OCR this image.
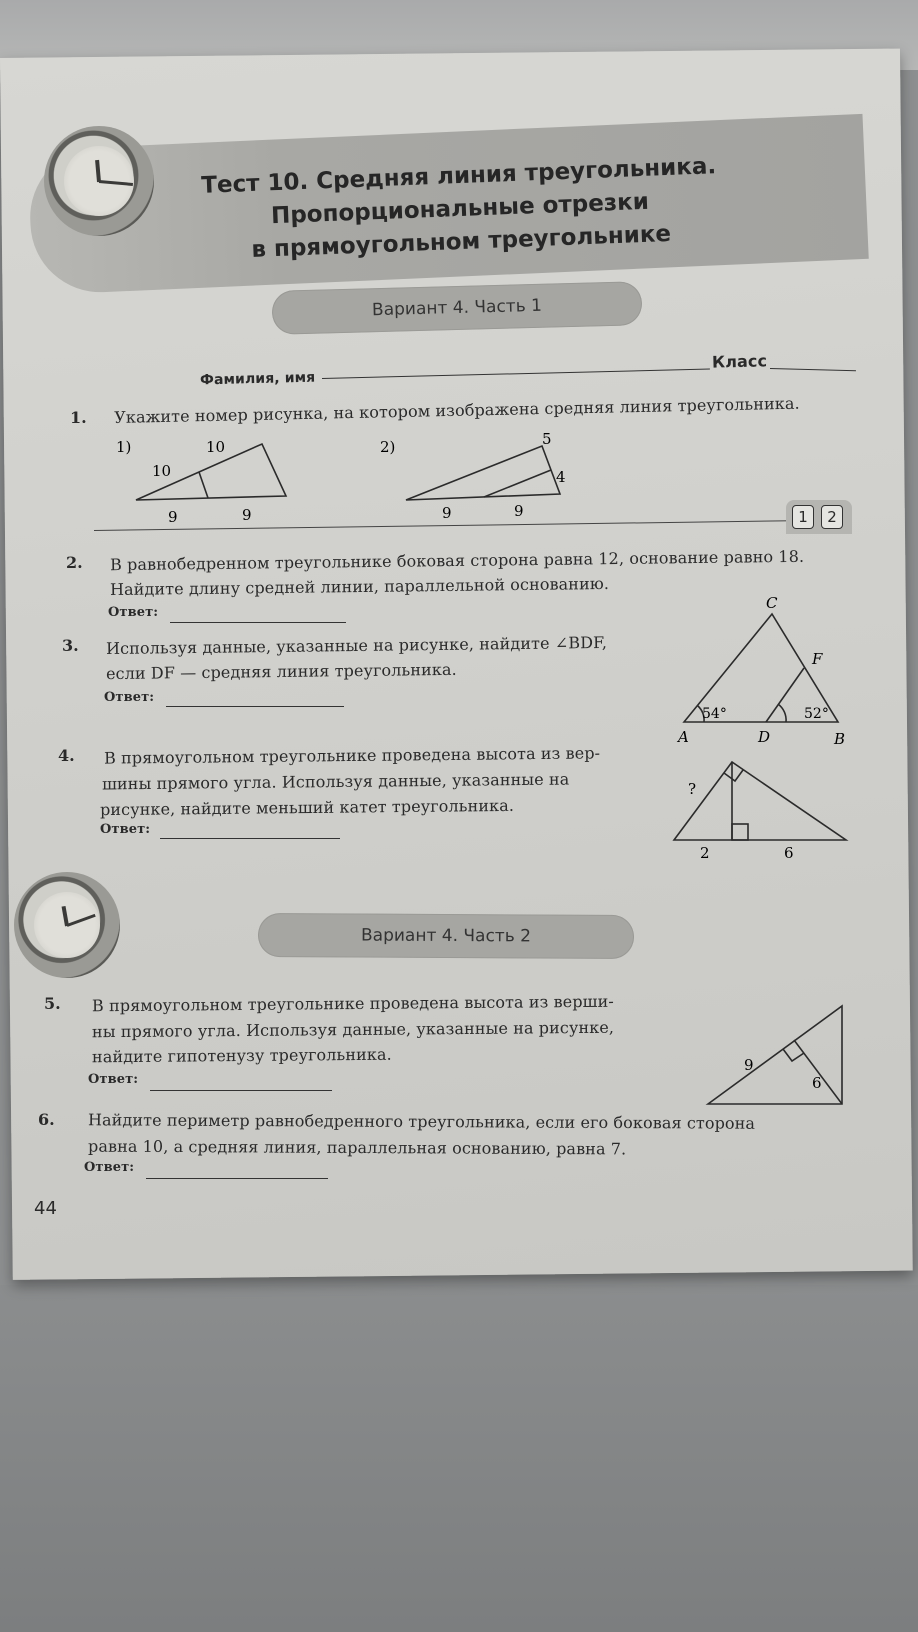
Тест 10. Средняя линия треугольника.
Пропорциональные отрезки
в прямоугольном треугольнике
Вариант 4. Часть 1
Фамилия, имя
Класс
1. Укажите номер рисунка, на котором изображена средняя линия треугольника.
1)	10
10
9	9
2)	5
4
9	9	1	2
2. В равнобедренном треугольнике боковая сторона равна 12, основание равно 18.
Найдите длину средней линии, параллельной основанию.
Ответ:
3. Используя данные, указанные на рисунке, найдите ∠BDF,
если DF — средняя линия треугольника.
Ответ:
C
F
A	D	B
54°	52°
4. В прямоугольном треугольнике проведена высота из вер-
шины прямого угла. Используя данные, указанные на
рисунке, найдите меньший катет треугольника.
Ответ:
?
2	6
Вариант 4. Часть 2
5. В прямоугольном треугольнике проведена высота из верши-
ны прямого угла. Используя данные, указанные на рисунке,
найдите гипотенузу треугольника.
Ответ:
9
6
6. Найдите периметр равнобедренного треугольника, если его боковая сторона
равна 10, а средняя линия, параллельная основанию, равна 7.
Ответ:
44
